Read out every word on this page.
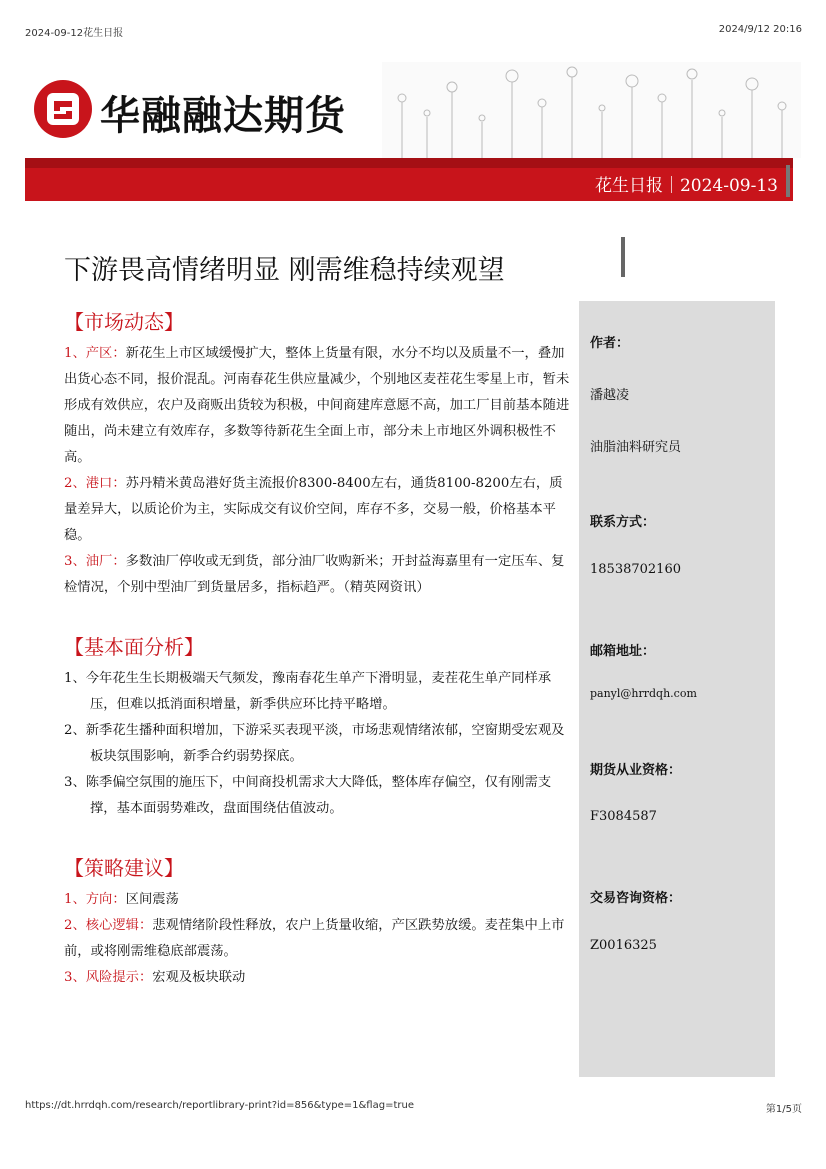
2024-09-12花生日报	2024/9/12 20:16
华融融达期货
花生日报｜2024-09-13
下游畏高情绪明显 刚需维稳持续观望
【市场动态】
1、产区：新花生上市区域缓慢扩大，整体上货量有限，水分不均以及质量不一，叠加出货心态不同，报价混乱。河南春花生供应量减少，个别地区麦茬花生零星上市，暂未形成有效供应，农户及商贩出货较为积极，中间商建库意愿不高，加工厂目前基本随进随出，尚未建立有效库存，多数等待新花生全面上市，部分未上市地区外调积极性不高。
2、港口：苏丹精米黄岛港好货主流报价8300-8400左右，通货8100-8200左右，质量差异大，以质论价为主，实际成交有议价空间，库存不多，交易一般，价格基本平稳。
3、油厂：多数油厂停收或无到货，部分油厂收购新米；开封益海嘉里有一定压车、复检情况，个别中型油厂到货量居多，指标趋严。（精英网资讯）
【基本面分析】
1、今年花生生长期极端天气频发，豫南春花生单产下滑明显，麦茬花生单产同样承压，但难以抵消面积增量，新季供应环比持平略增。
2、新季花生播种面积增加，下游采买表现平淡，市场悲观情绪浓郁，空窗期受宏观及板块氛围影响，新季合约弱势探底。
3、陈季偏空氛围的施压下，中间商投机需求大大降低，整体库存偏空，仅有刚需支撑，基本面弱势难改，盘面围绕估值波动。
【策略建议】
1、方向：区间震荡
2、核心逻辑：悲观情绪阶段性释放，农户上货量收缩，产区跌势放缓。麦茬集中上市前，或将刚需维稳底部震荡。
3、风险提示：宏观及板块联动
作者：
潘越凌
油脂油料研究员
联系方式：
18538702160
邮箱地址：
panyl@hrrdqh.com
期货从业资格：
F3084587
交易咨询资格：
Z0016325
https://dt.hrrdqh.com/research/reportlibrary-print?id=856&type=1&flag=true	第1/5页
